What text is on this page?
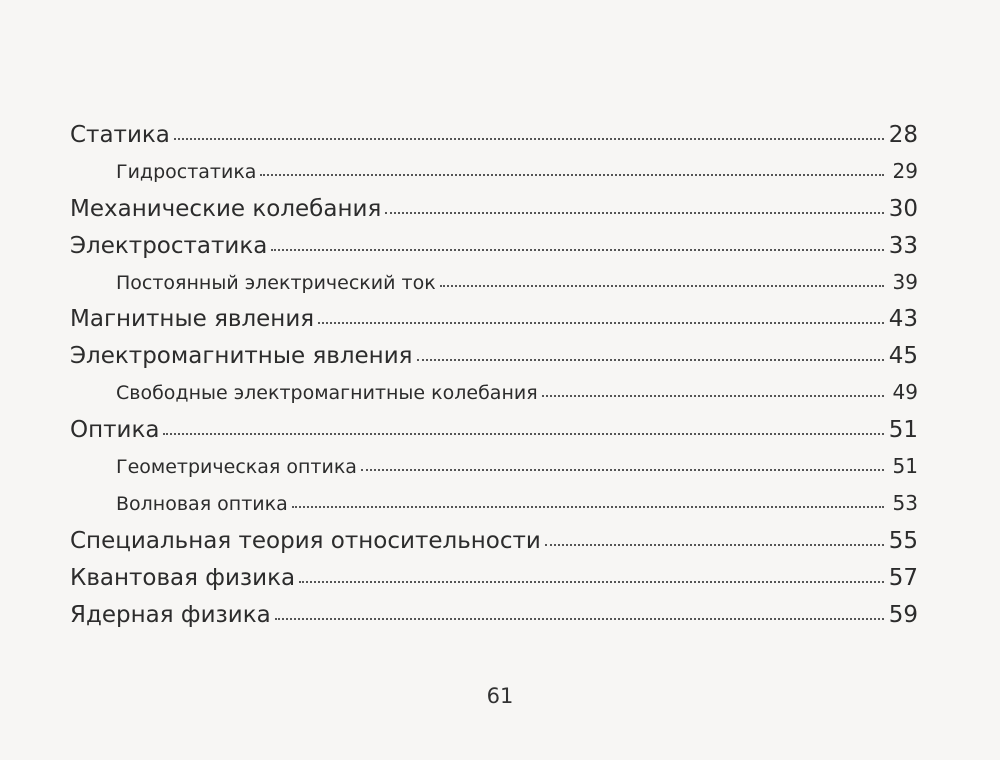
Статика	28
Гидростатика	29
Механические колебания	30
Электростатика	33
Постоянный электрический ток	39
Магнитные явления	43
Электромагнитные явления	45
Свободные электромагнитные колебания	49
Оптика	51
Геометрическая оптика	51
Волновая оптика	53
Специальная теория относительности	55
Квантовая физика	57
Ядерная физика	59
61
